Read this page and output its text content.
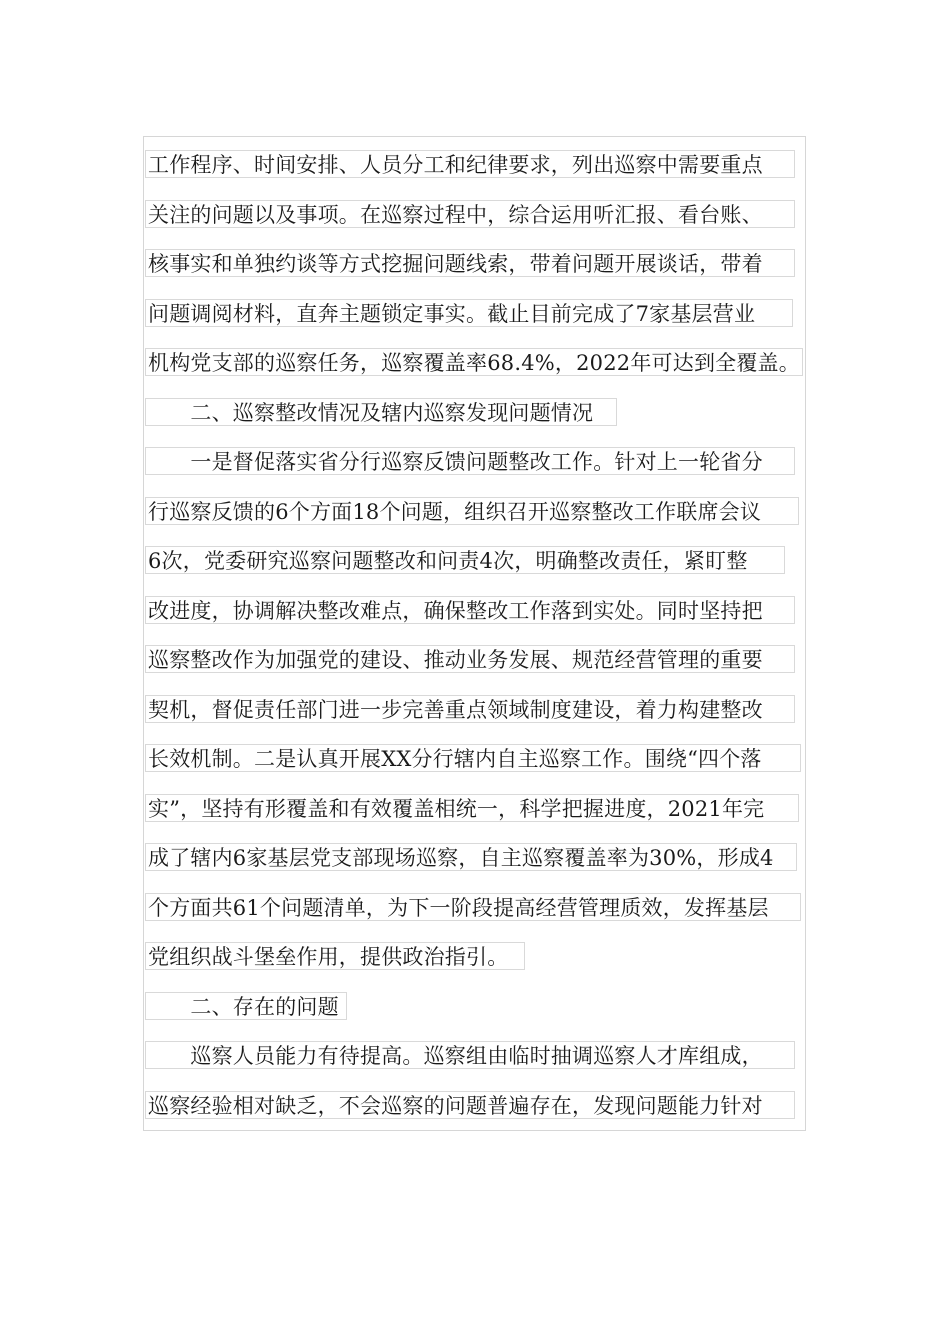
工作程序、时间安排、人员分工和纪律要求，列出巡察中需要重点
关注的问题以及事项。在巡察过程中，综合运用听汇报、看台账、
核事实和单独约谈等方式挖掘问题线索，带着问题开展谈话，带着
问题调阅材料，直奔主题锁定事实。截止目前完成了7家基层营业
机构党支部的巡察任务，巡察覆盖率68.4%，2022年可达到全覆盖。
　　二、巡察整改情况及辖内巡察发现问题情况
　　一是督促落实省分行巡察反馈问题整改工作。针对上一轮省分
行巡察反馈的6个方面18个问题，组织召开巡察整改工作联席会议
6次，党委研究巡察问题整改和问责4次，明确整改责任，紧盯整
改进度，协调解决整改难点，确保整改工作落到实处。同时坚持把
巡察整改作为加强党的建设、推动业务发展、规范经营管理的重要
契机，督促责任部门进一步完善重点领域制度建设，着力构建整改
长效机制。二是认真开展XX分行辖内自主巡察工作。围绕“四个落
实”，坚持有形覆盖和有效覆盖相统一，科学把握进度，2021年完
成了辖内6家基层党支部现场巡察，自主巡察覆盖率为30%，形成4
个方面共61个问题清单，为下一阶段提高经营管理质效，发挥基层
党组织战斗堡垒作用，提供政治指引。
　　二、存在的问题
　　巡察人员能力有待提高。巡察组由临时抽调巡察人才库组成，
巡察经验相对缺乏，不会巡察的问题普遍存在，发现问题能力针对
